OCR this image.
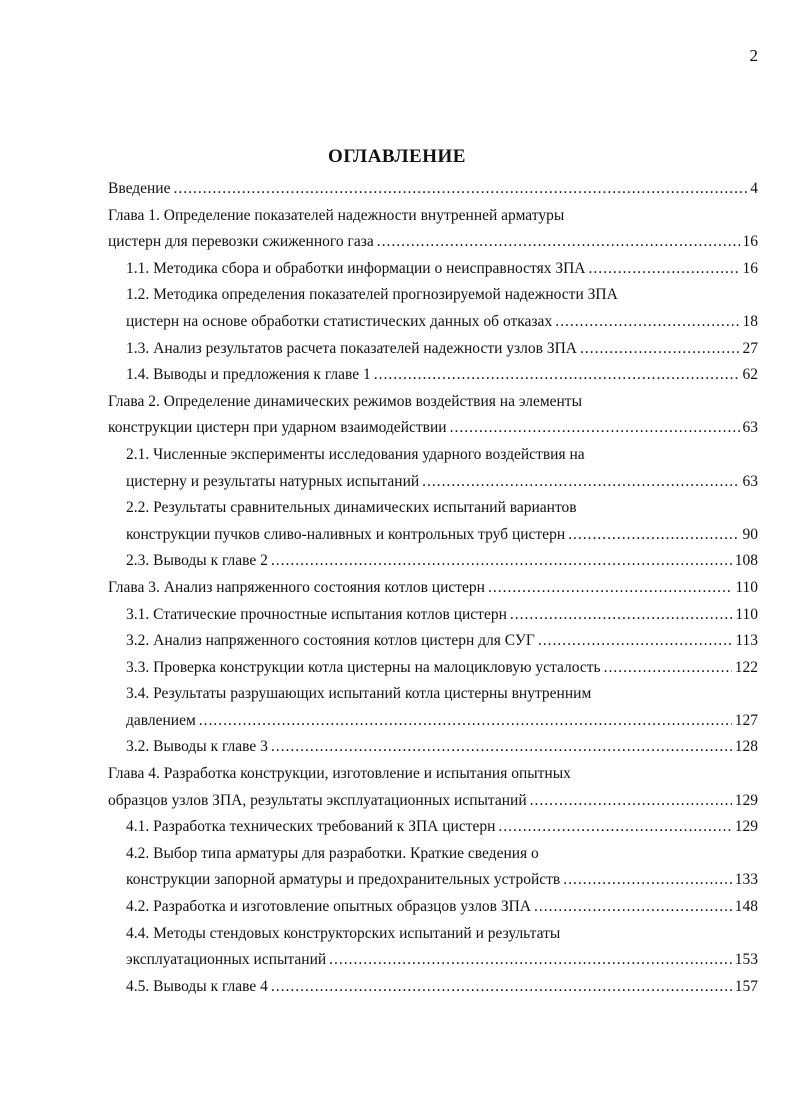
2
ОГЛАВЛЕНИЕ
Введение .....	4
Глава 1. Определение показателей надежности внутренней арматуры
цистерн для перевозки сжиженного газа .....	16
1.1. Методика сбора и обработки информации о неисправностях ЗПА .....	16
1.2. Методика определения показателей прогнозируемой надежности ЗПА
цистерн на основе обработки статистических данных об отказах .....	18
1.3. Анализ результатов расчета показателей надежности узлов ЗПА .....	27
1.4. Выводы и предложения к главе 1 .....	62
Глава 2. Определение динамических режимов воздействия на элементы
конструкции цистерн при ударном взаимодействии .....	63
2.1. Численные эксперименты исследования ударного воздействия на
цистерну и результаты натурных испытаний .....	63
2.2. Результаты сравнительных динамических испытаний вариантов
конструкции пучков сливо-наливных и контрольных труб цистерн .....	90
2.3. Выводы к главе 2 .....	108
Глава 3. Анализ напряженного состояния котлов цистерн .....	110
3.1. Статические прочностные испытания котлов цистерн .....	110
3.2. Анализ напряженного состояния котлов цистерн для СУГ .....	113
3.3. Проверка конструкции котла цистерны на малоцикловую усталость .....	122
3.4. Результаты разрушающих испытаний котла цистерны внутренним
давлением .....	127
3.2. Выводы к главе 3 .....	128
Глава 4. Разработка конструкции, изготовление и испытания опытных
образцов узлов ЗПА, результаты эксплуатационных испытаний .....	129
4.1. Разработка технических требований к ЗПА цистерн .....	129
4.2. Выбор типа арматуры для разработки. Краткие сведения о
конструкции запорной арматуры и предохранительных устройств .....	133
4.2. Разработка и изготовление опытных образцов узлов ЗПА .....	148
4.4. Методы стендовых конструкторских испытаний и результаты
эксплуатационных испытаний .....	153
4.5. Выводы к главе 4 .....	157
